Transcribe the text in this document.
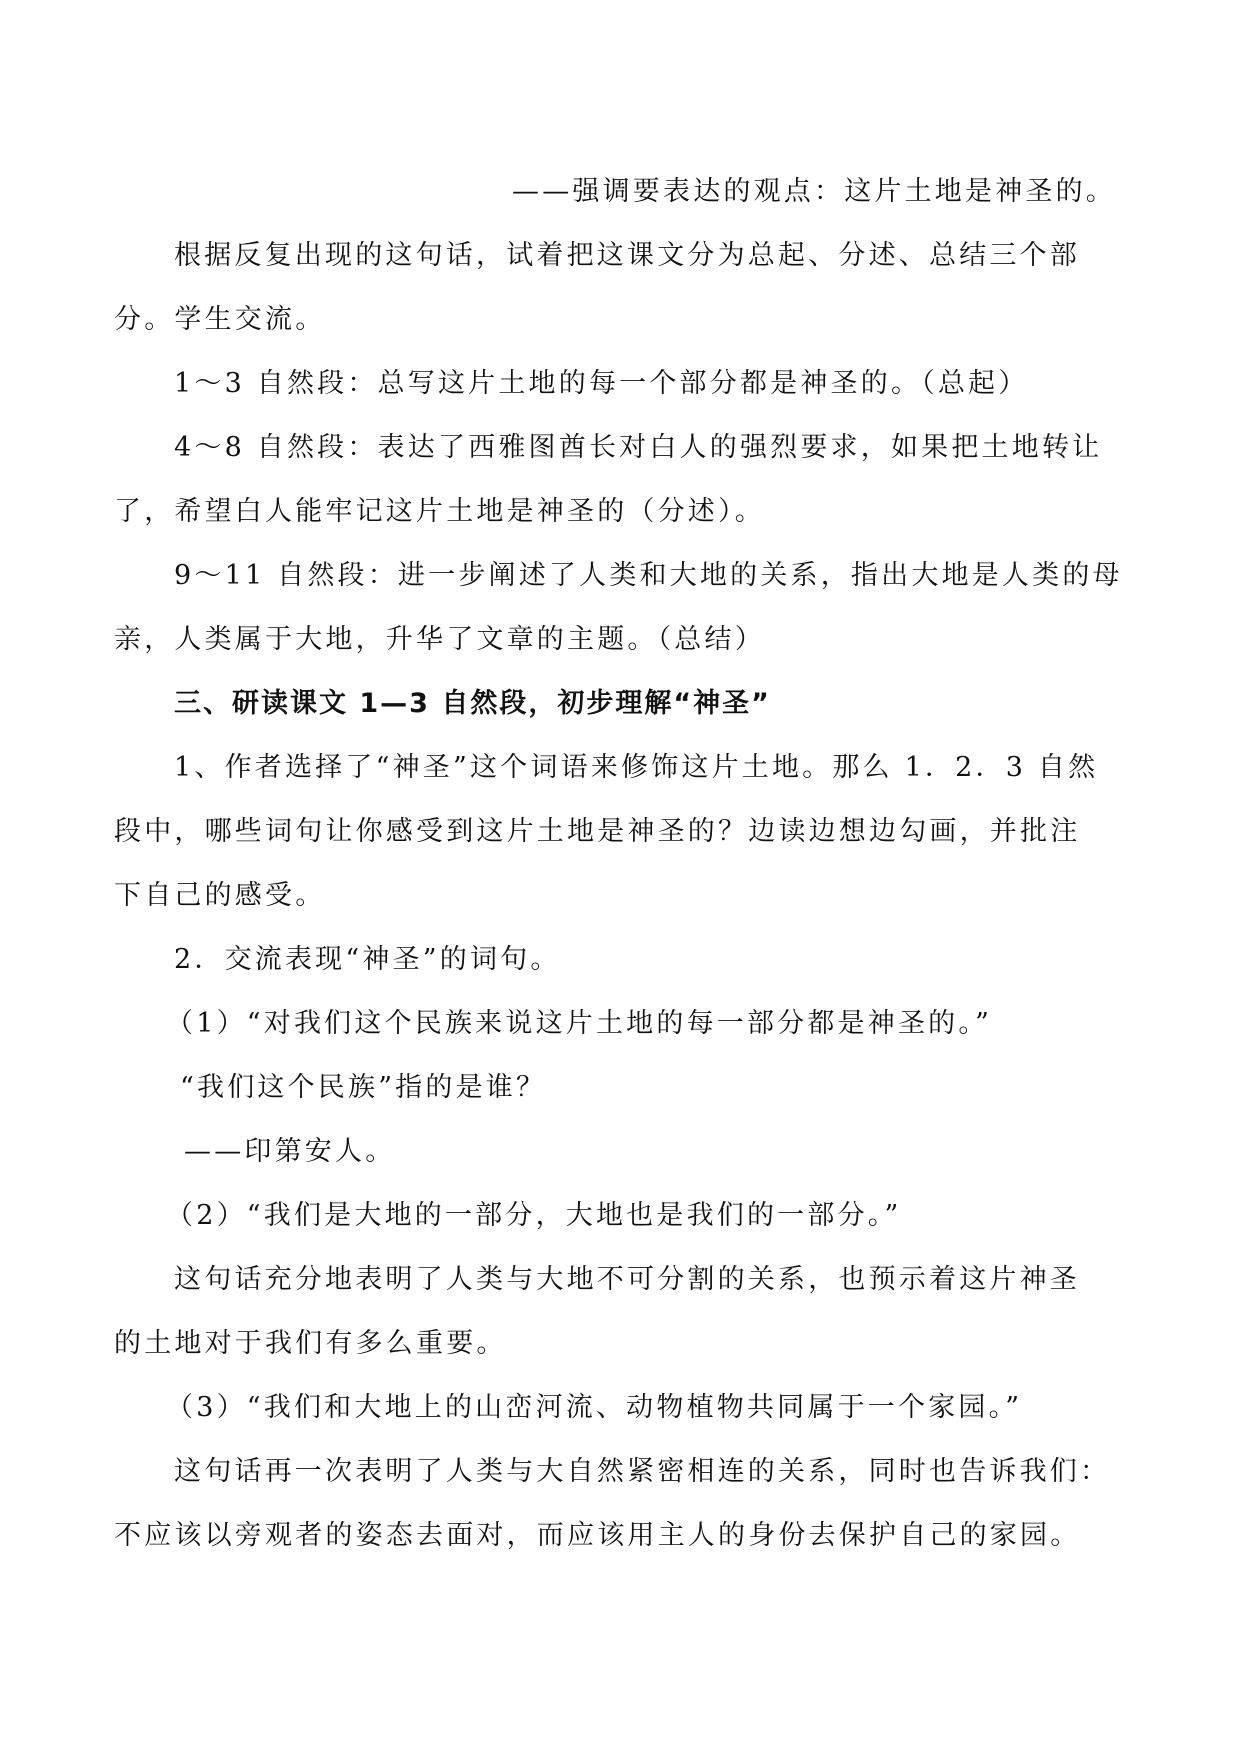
——强调要表达的观点：这片土地是神圣的。
根据反复出现的这句话，试着把这课文分为总起、分述、总结三个部
分。学生交流。
1～3 自然段：总写这片土地的每一个部分都是神圣的。（总起）
4～8 自然段：表达了西雅图酋长对白人的强烈要求，如果把土地转让
了，希望白人能牢记这片土地是神圣的（分述）。
9～11 自然段：进一步阐述了人类和大地的关系，指出大地是人类的母
亲，人类属于大地，升华了文章的主题。（总结）
三、研读课文 1—3 自然段，初步理解“神圣”
1、作者选择了“神圣”这个词语来修饰这片土地。那么 1．2．3 自然
段中，哪些词句让你感受到这片土地是神圣的？边读边想边勾画，并批注
下自己的感受。
2．交流表现“神圣”的词句。
（1）“对我们这个民族来说这片土地的每一部分都是神圣的。”
“我们这个民族”指的是谁？
——印第安人。
（2）“我们是大地的一部分，大地也是我们的一部分。”
这句话充分地表明了人类与大地不可分割的关系，也预示着这片神圣
的土地对于我们有多么重要。
（3）“我们和大地上的山峦河流、动物植物共同属于一个家园。”
这句话再一次表明了人类与大自然紧密相连的关系，同时也告诉我们：
不应该以旁观者的姿态去面对，而应该用主人的身份去保护自己的家园。
